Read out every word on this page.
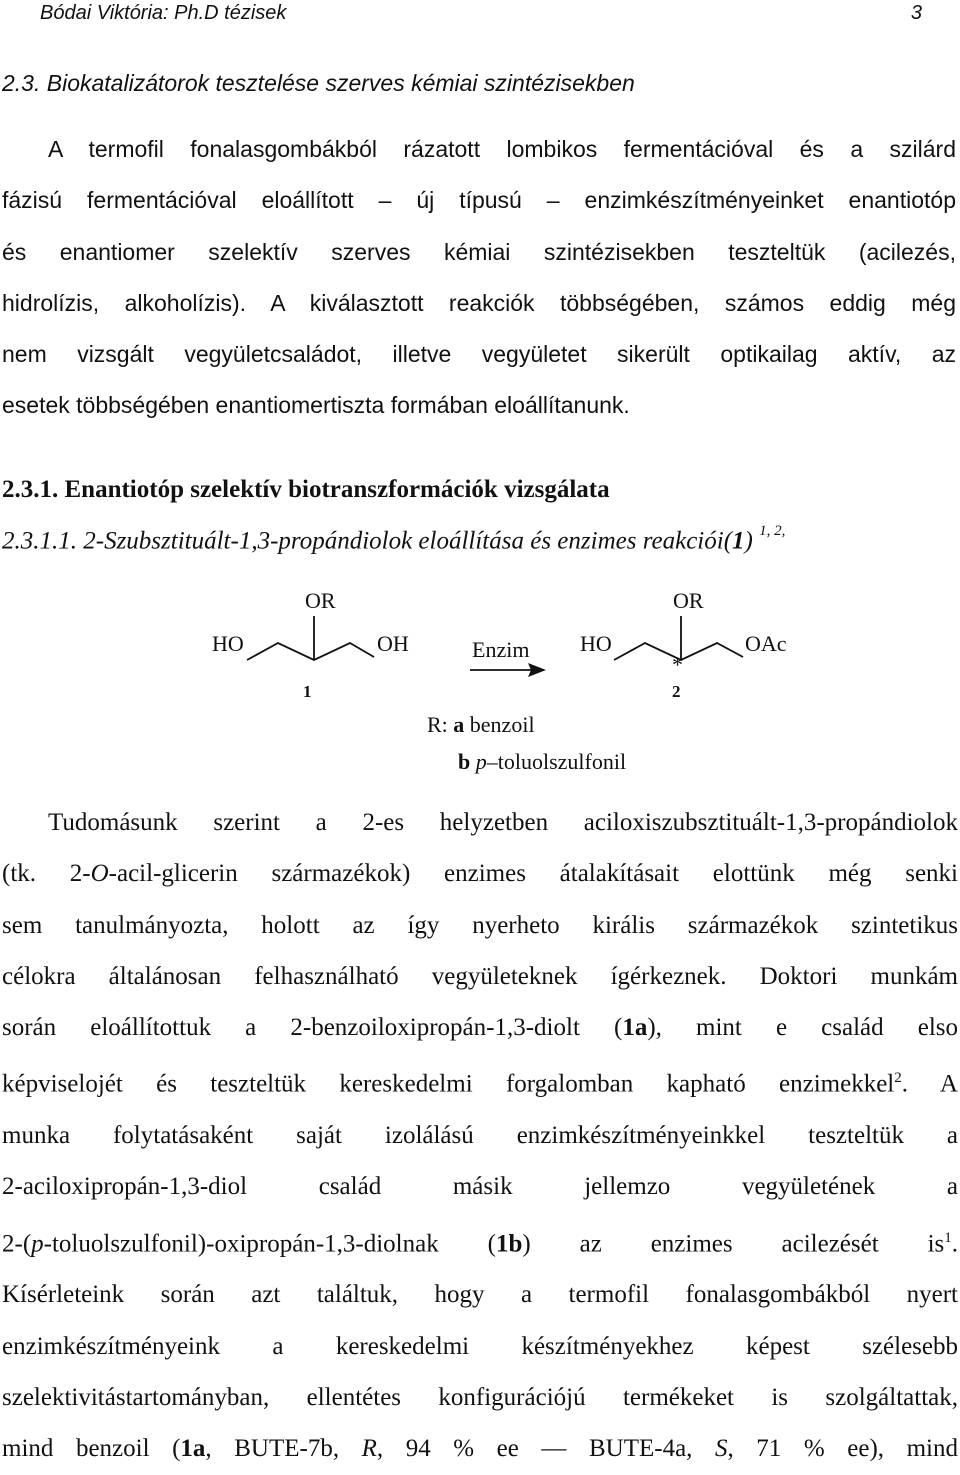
Bódai Viktória: Ph.D tézisek	3
2.3. Biokatalizátorok tesztelése szerves kémiai szintézisekben
A termofil fonalasgombákból rázatott lombikos fermentációval és a szilárd
fázisú fermentációval eloállított – új típusú – enzimkészítményeinket enantiotóp
és enantiomer szelektív szerves kémiai szintézisekben teszteltük (acilezés,
hidrolízis, alkoholízis). A kiválasztott reakciók többségében, számos eddig még
nem vizsgált vegyületcsaládot, illetve vegyületet sikerült optikailag aktív, az
esetek többségében enantiomertiszta formában eloállítanunk.
2.3.1. Enantiotóp szelektív biotranszformációk vizsgálata
2.3.1.1. 2-Szubsztituált-1,3-propándiolok eloállítása és enzimes reakciói(1) $^{1, 2,}$
OR
HO	OH
1
Enzim
OR
HO	OAc
*
2
R: a benzoil
b p–toluolszulfonil
Tudomásunk szerint a 2-es helyzetben aciloxiszubsztituált-1,3-propándiolok
(tk. 2-O-acil-glicerin származékok) enzimes átalakításait elottünk még senki
sem tanulmányozta, holott az így nyerheto királis származékok szintetikus
célokra általánosan felhasználható vegyületeknek ígérkeznek. Doktori munkám
során eloállítottuk a 2-benzoiloxipropán-1,3-diolt (1a), mint e család elso
képviselojét és teszteltük kereskedelmi forgalomban kapható enzimekkel$^2$. A
munka folytatásaként saját izolálású enzimkészítményeinkkel teszteltük a
2-aciloxipropán-1,3-diol család másik jellemzo vegyületének a
2-(p-toluolszulfonil)-oxipropán-1,3-diolnak (1b) az enzimes acilezését $is^1$.
Kísérleteink során azt találtuk, hogy a termofil fonalasgombákból nyert
enzimkészítményeink a kereskedelmi készítményekhez képest szélesebb
szelektivitástartományban, ellentétes konfigurációjú termékeket is szolgáltattak,
mind benzoil (1a, BUTE-7b, R, 94 % ee — BUTE-4a, S, 71 % ee), mind
